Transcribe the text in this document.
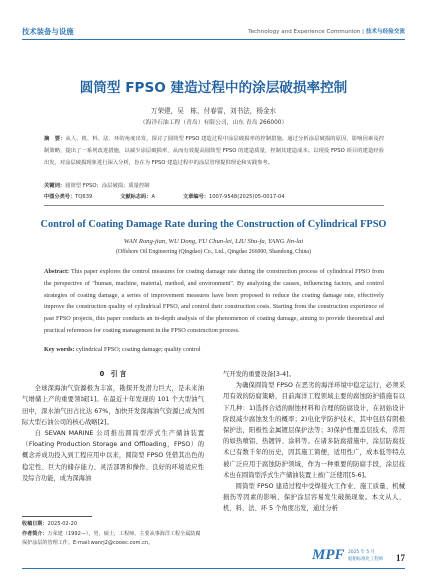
技术装备与设施	Technology and Experience Communion | 技术与经验交流
圆筒型 FPSO 建造过程中的涂层破损率控制
万荣建，吴　栋，付春雷，刘书法，杨金水
（海洋石油工程（青岛）有限公司，山东 青岛 266000）
摘　要：从人、机、料、法、环的角度出发，探讨了圆筒型 FPSO 建造过程中涂层破损率的控制措施。通过分析涂层破损的原因，影响因素及控制策略，提出了一系列改进措施，以减少涂层破损率，从而有效提高圆筒型 FPSO 的建造质量，控制其建造成本。以现役 FPSO 项目的建造经验出发，对涂层破损现象进行深入分析，旨在为 FPSO 建造过程中的涂层管理提供理论和实践参考。
关键词：圆筒型 FPSO；涂层破损；质量控制
中图分类号：TQ639	文献标志码：A	文章编号：1007-9548(2025)05-0017-04
Control of Coating Damage Rate during the Construction of Cylindrical FPSO
WAN Rong-jian, WU Dong, FU Chun-lei, LIU Shu-fa, YANG Jin-lai
(Offshore Oil Engineering (Qingdao) Co., Ltd., Qingdao 266000, Shandong, China)
Abstract: This paper explores the control measures for coating damage rate during the construction process of cylindrical FPSO from the perspective of "human, machine, material, method, and environment". By analyzing the causes, influencing factors, and control strategies of coating damage, a series of improvement measures have been proposed to reduce the coating damage rate, effectively improve the construction quality of cylindrical FPSO, and control their construction costs. Starting from the construction experience of past FPSO projects, this paper conducts an in-depth analysis of the phenomenon of coating damage, aiming to provide theoretical and practical references for coating management in the FPSO construction process.
Key words: cylindrical FPSO; coating damage; quality control
0　引 言

全球深海油气资源极为丰富，勘探开发潜力巨大，是未来油气增储上产的重要领域[1]。在最近十年发现的 101 个大型油气田中，深水油气田占比达 67%，加快开发深海油气资源已成为国际大型石油公司的核心战略[2]。

自 SEVAN MARINE 公司推出圆筒型浮式生产储油装置（Floating Production Storage and Offloading，FPSO）的概念并成功投入到工程应用中以来，圆筒型 FPSO 凭借其出色的稳定性、巨大的储存能力、灵活部署和操作、良好的环境适应性及综合功能，成为深海油

气开发的重要设备[3-4]。

为确保圆筒型 FPSO 在恶劣的海洋环境中稳定运行，必须采用有效的防腐策略，目前海洋工程领域主要的腐蚀防护措施有以下几种：1)选择合适的耐蚀材料和合理的防腐设计，在初始设计阶段减少腐蚀发生的概率；2)电化学防护技术，其中包括有阴极保护法，阳极性金属镀层保护法等；3)保护性覆盖层技术，常用的如热喷铝、热镀锌、涂料等。在诸多防腐措施中，涂层防腐技术已有数千年的历史，因其施工简便，适用性广，成本低等特点被广泛应用于腐蚀防护领域，作为一种重要的防腐手段，涂层技术也在圆筒型浮式生产储油装置上被广泛使用[5-6]。

圆筒型 FPSO 建造过程中受焊接火工作业、施工质量、机械损伤等因素的影响，保护涂层容易发生破损现象。本文从人、机、料、法、环 5 个角度出发，通过分析

收稿日期：2025-02-20
作者简介：万荣建（1992—），男，硕士，工程师，主要从事海洋工程全属防腐保护涂层的管理工作。E-mail:wanrj2@cooec.com.cn。
MPF 2025 年 5 月
船舶标准化工程师 17
